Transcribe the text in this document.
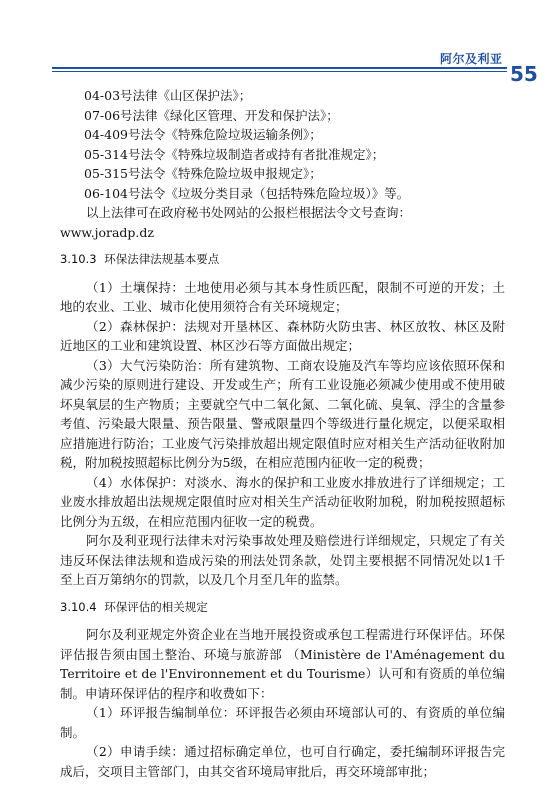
阿尔及利亚
55
04-03号法律《山区保护法》；
07-06号法律《绿化区管理、开发和保护法》；
04-409号法令《特殊危险垃圾运输条例》；
05-314号法令《特殊垃圾制造者或持有者批准规定》；
05-315号法令《特殊危险垃圾申报规定》；
06-104号法令《垃圾分类目录（包括特殊危险垃圾）》等。

以上法律可在政府秘书处网站的公报栏根据法令文号查询：

www.joradp.dz

3.10.3 环保法律法规基本要点

（1）土壤保持：土地使用必须与其本身性质匹配，限制不可逆的开发；土地的农业、工业、城市化使用须符合有关环境规定；

（2）森林保护：法规对开垦林区、森林防火防虫害、林区放牧、林区及附近地区的工业和建筑设置、林区沙石等方面做出规定；

（3）大气污染防治：所有建筑物、工商农设施及汽车等均应该依照环保和减少污染的原则进行建设、开发或生产；所有工业设施必须减少使用或不使用破坏臭氧层的生产物质；主要就空气中二氧化氮、二氧化硫、臭氧、浮尘的含量参考值、污染最大限量、预告限量、警戒限量四个等级进行量化规定，以便采取相应措施进行防治；工业废气污染排放超出规定限值时应对相关生产活动征收附加税，附加税按照超标比例分为5级，在相应范围内征收一定的税费；

（4）水体保护：对淡水、海水的保护和工业废水排放进行了详细规定；工业废水排放超出法规规定限值时应对相关生产活动征收附加税，附加税按照超标比例分为五级，在相应范围内征收一定的税费。

阿尔及利亚现行法律未对污染事故处理及赔偿进行详细规定，只规定了有关违反环保法律法规和造成污染的刑法处罚条款，处罚主要根据不同情况处以1千至上百万第纳尔的罚款，以及几个月至几年的监禁。

3.10.4 环保评估的相关规定

阿尔及利亚规定外资企业在当地开展投资或承包工程需进行环保评估。环保评估报告须由国土整治、环境与旅游部 （Ministère de l'Aménagement du Territoire et de l'Environnement et du Tourisme）认可和有资质的单位编制。申请环保评估的程序和收费如下：

（1）环评报告编制单位：环评报告必须由环境部认可的、有资质的单位编制。

（2）申请手续：通过招标确定单位，也可自行确定，委托编制环评报告完成后，交项目主管部门，由其交省环境局审批后，再交环境部审批；
